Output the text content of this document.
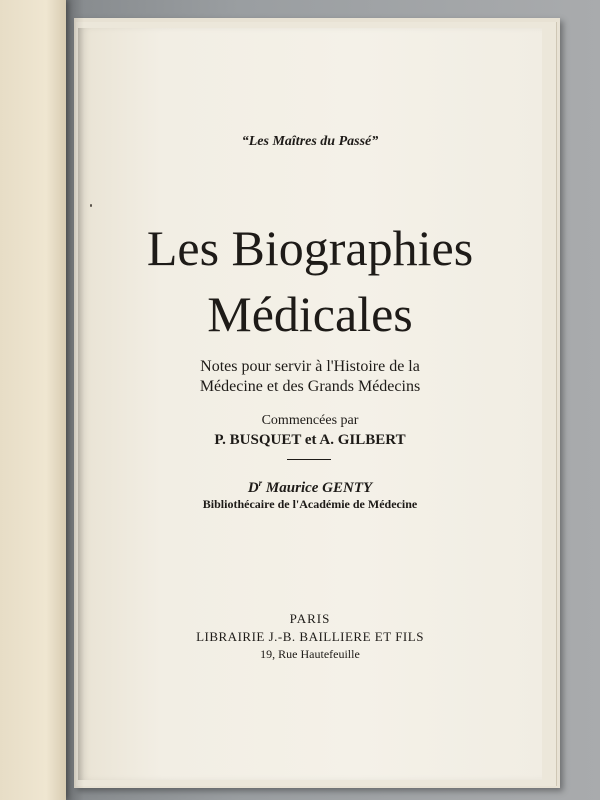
“Les Maîtres du Passé”
Les Biographies
Médicales
Notes pour servir à l'Histoire de la
Médecine et des Grands Médecins
Commencées par
P. BUSQUET et A. GILBERT
$D^r$ Maurice GENTY
Bibliothécaire de l'Académie de Médecine
PARIS
LIBRAIRIE J.-B. BAILLIERE ET FILS
19, Rue Hautefeuille
